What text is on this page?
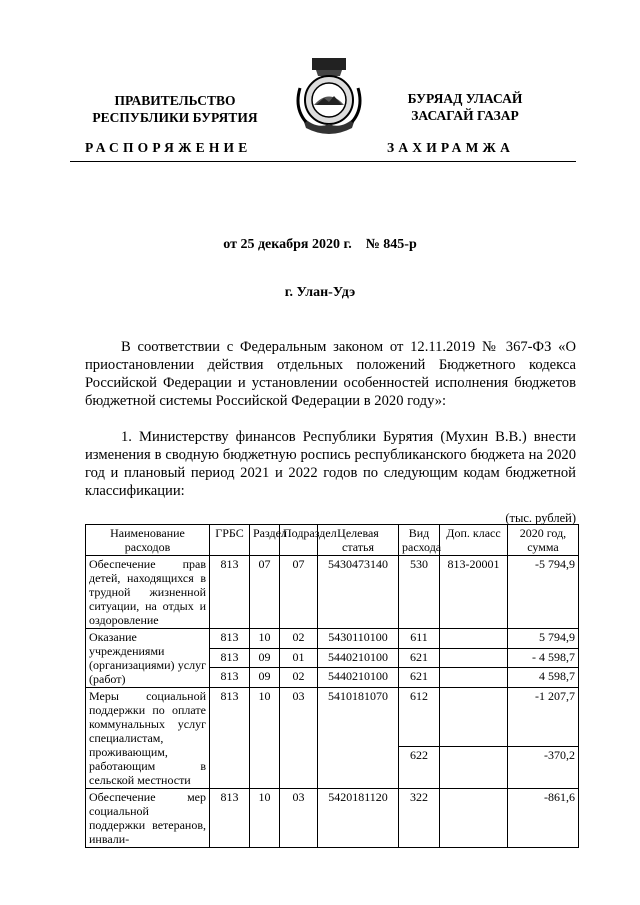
ПРАВИТЕЛЬСТВО
РЕСПУБЛИКИ БУРЯТИЯ
БУРЯАД УЛАСАЙ
ЗАСАГАЙ ГАЗАР
РАСПОРЯЖЕНИЕ	ЗАХИРАМЖА
от 25 декабря 2020 г.    № 845-р
г. Улан-Удэ
В соответствии с Федеральным законом от 12.11.2019 № 367-ФЗ «О приостановлении действия отдельных положений Бюджетного кодекса Российской Федерации и установлении особенностей исполнения бюджетов бюджетной системы Российской Федерации в 2020 году»:
1. Министерству финансов Республики Бурятия (Мухин В.В.) внести изменения в сводную бюджетную роспись республиканского бюджета на 2020 год и плановый период 2021 и 2022 годов по следующим кодам бюджетной классификации:
(тыс. рублей)
Наименование расходов	ГРБС	Раздел	Подраздел	Целевая статья	Вид расхода	Доп. класс	2020 год, сумма
Обеспечение прав детей, находящихся в трудной жизненной ситуации, на отдых и оздоровление	813	07	07	5430473140	530	813-20001	-5 794,9
Оказание учреждениями (организациями) услуг (работ)	813	10	02	5430110100	611		5 794,9
	813	09	01	5440210100	621		- 4 598,7
	813	09	02	5440210100	621		4 598,7
Меры социальной поддержки по оплате коммунальных услуг специалистам, проживающим, работающим в сельской местности	813	10	03	5410181070	612		-1 207,7
					622		-370,2
Обеспечение мер социальной поддержки ветеранов, инвали-	813	10	03	5420181120	322		-861,6
